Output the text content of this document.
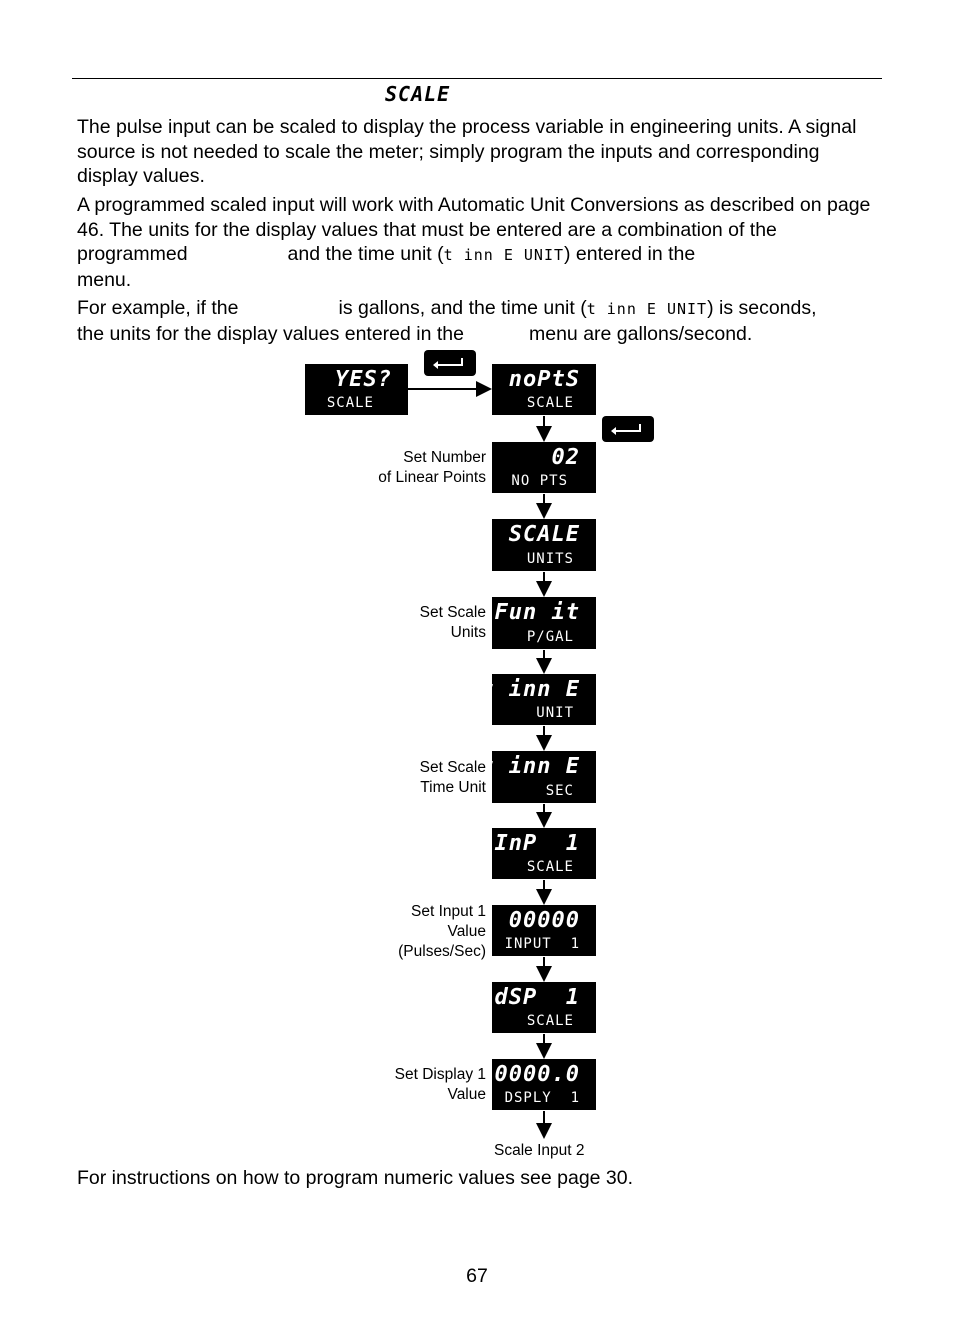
SCALE

The pulse input can be scaled to display the process variable in engineering units. A signal source is not needed to scale the meter; simply program the inputs and corresponding display values.

A programmed scaled input will work with Automatic Unit Conversions as described on page 46. The units for the display values that must be entered are a combination of the programmed	and the time unit (t inn E UNIT) entered in the
menu.

For example, if the	is gallons, and the time unit (t inn E UNIT) is seconds,
the units for the display values entered in the	menu are gallons/second.

YES?
SCALE
noPtS
SCALE
02
NO PTS
Set Number
of Linear Points
SCALE
UNITS
Fun it
P/GAL
Set Scale
Units
t inn E
UNIT
t inn E
SEC
Set Scale
Time Unit
InP  1
SCALE
00000
INPUT  1
Set Input 1
Value
(Pulses/Sec)
dSP  1
SCALE
0000.0
DSPLY  1
Set Display 1
Value
Scale Input 2
For instructions on how to program numeric values see page 30.
67
